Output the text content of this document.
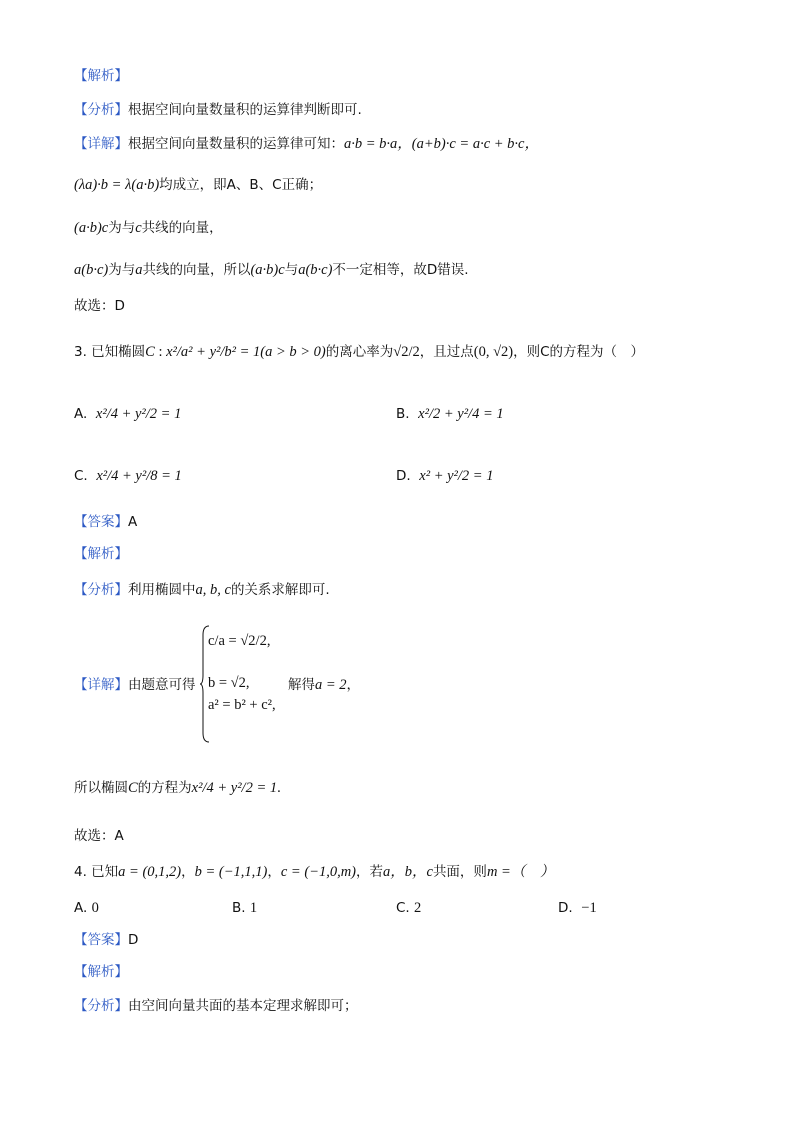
【解析】
【分析】根据空间向量数量积的运算律判断即可.
【详解】根据空间向量数量积的运算律可知：a·b = b·a，(a+b)·c = a·c + b·c，
(λa)·b = λ(a·b)均成立，即A、B、C正确；
(a·b)c为与c共线的向量，
a(b·c)为与a共线的向量，所以(a·b)c与a(b·c)不一定相等，故D错误.
故选：D
3. 已知椭圆C : x²/a² + y²/b² = 1(a > b > 0)的离心率为√2/2，且过点(0, √2)，则C的方程为（　）
A. x²/4 + y²/2 = 1	B. x²/2 + y²/4 = 1
C. x²/4 + y²/8 = 1	D. x² + y²/2 = 1
【答案】A
【解析】
【分析】利用椭圆中a, b, c的关系求解即可.
【详解】由题意可得
c/a = √2/2,
b = √2,
a² = b² + c²,
解得a = 2，
所以椭圆C的方程为x²/4 + y²/2 = 1.
故选：A
4. 已知a = (0,1,2)，b = (−1,1,1)，c = (−1,0,m)，若a，b，c共面，则m =（　）
A. 0	B. 1	C. 2	D. −1
【答案】D
【解析】
【分析】由空间向量共面的基本定理求解即可；
